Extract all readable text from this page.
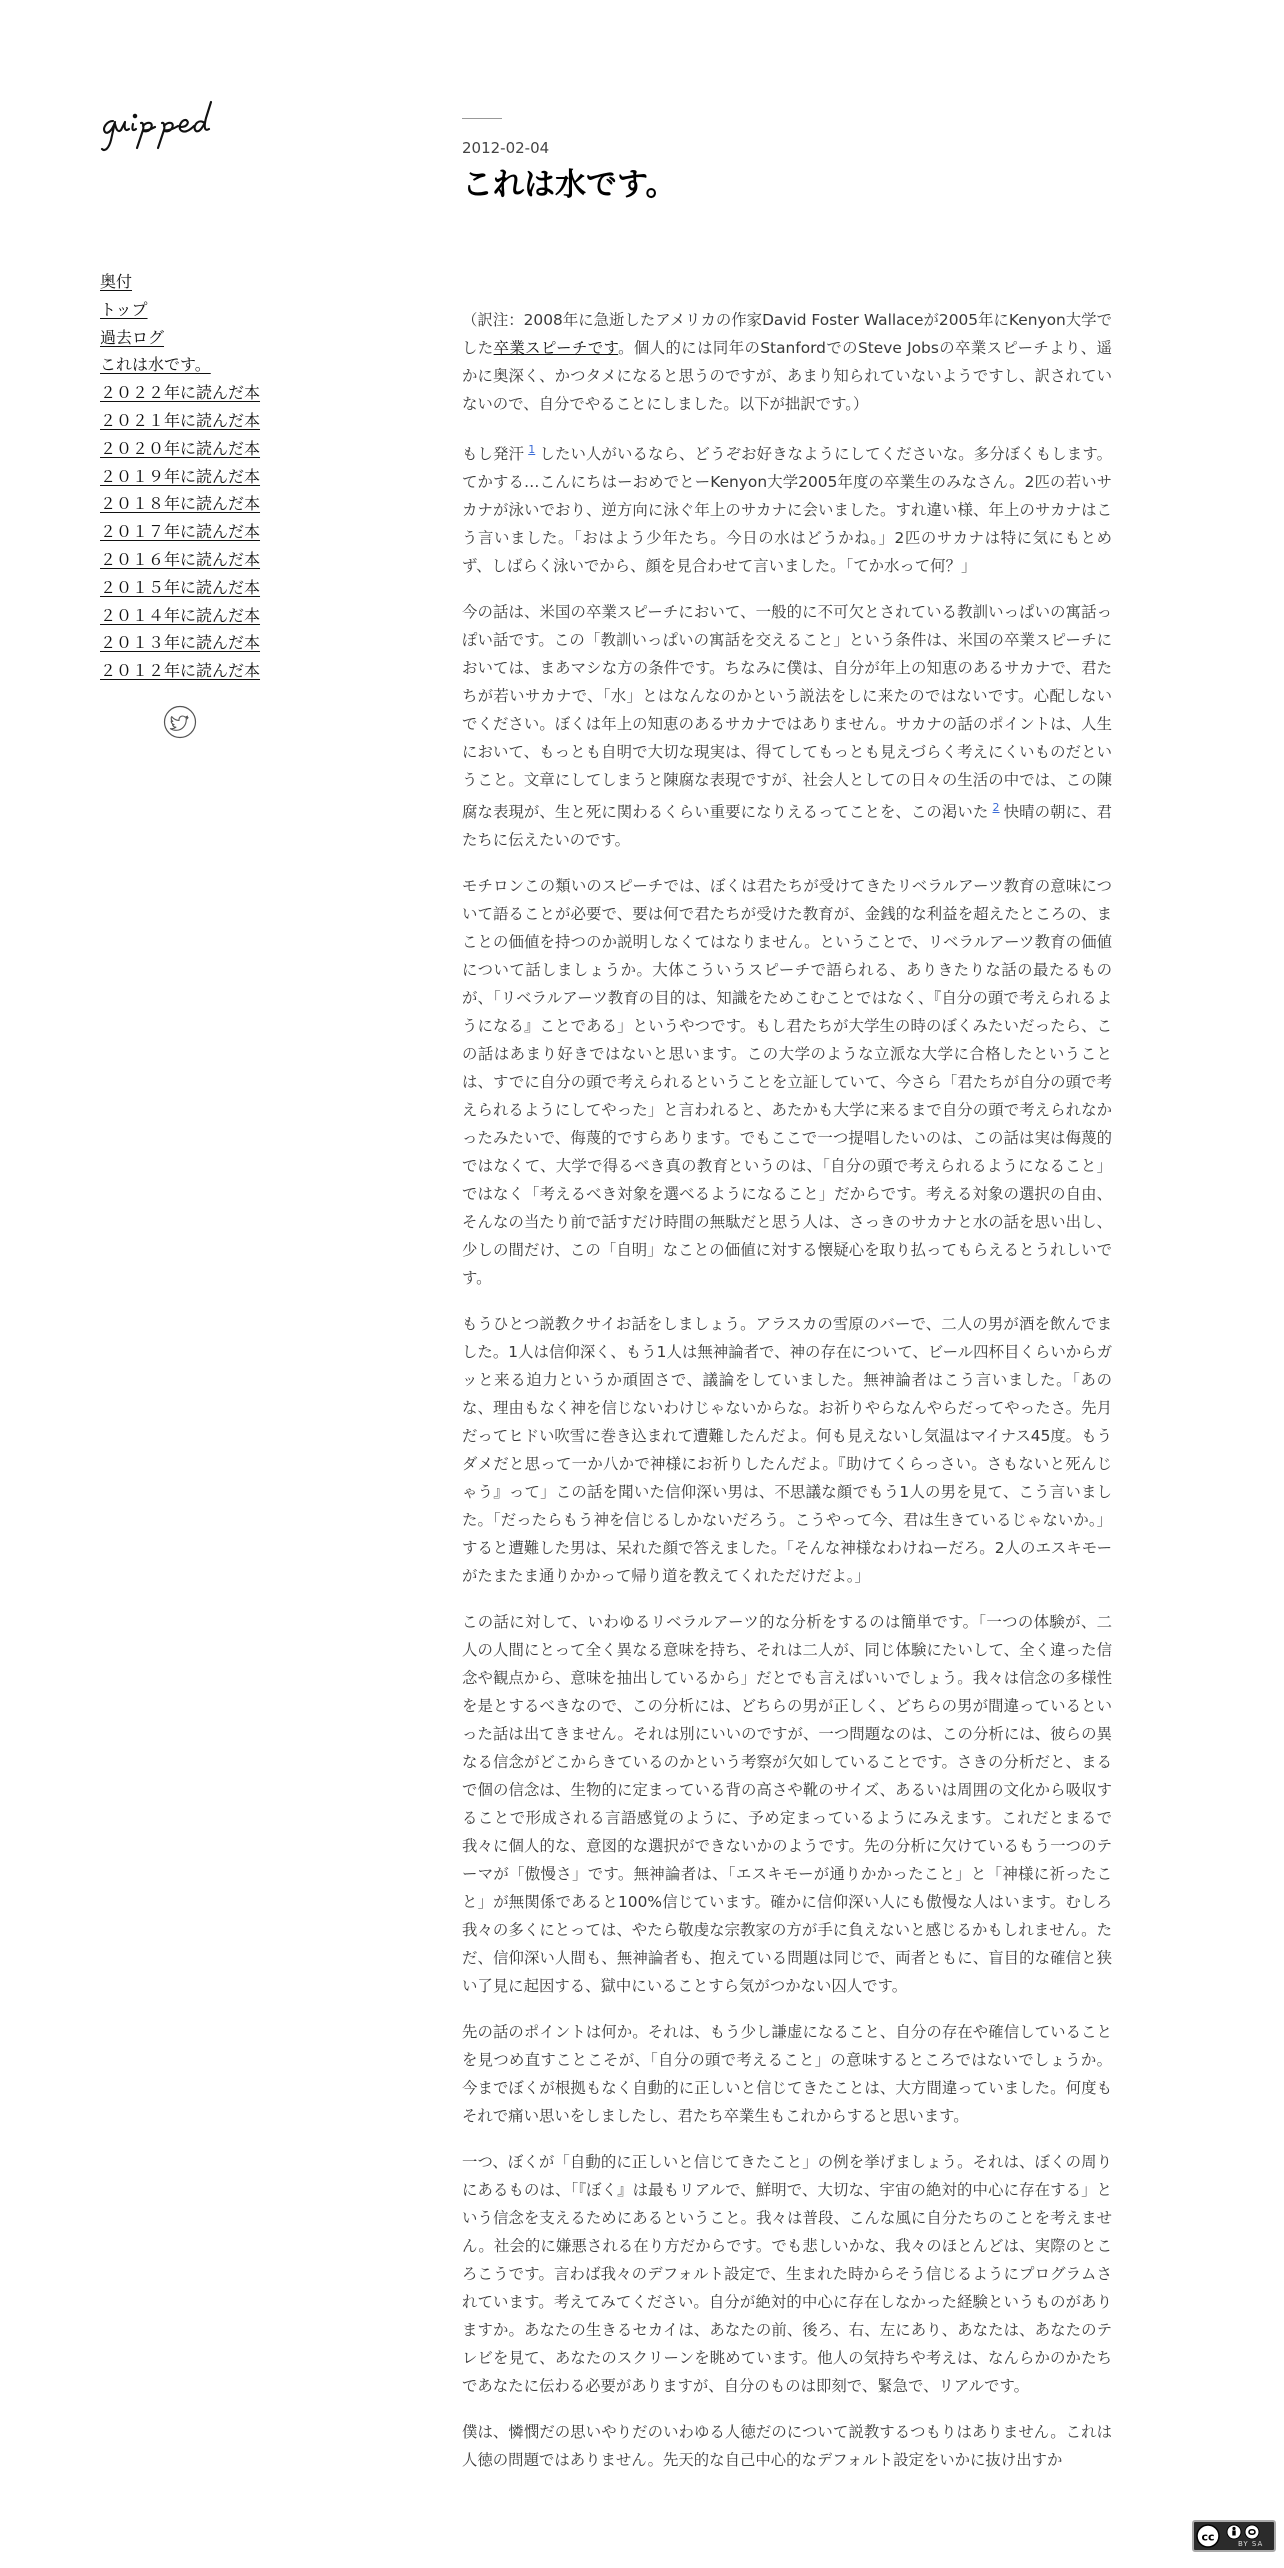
奥付
トップ
過去ログ
これは水です。
２０２２年に読んだ本
２０２１年に読んだ本
２０２０年に読んだ本
２０１９年に読んだ本
２０１８年に読んだ本
２０１７年に読んだ本
２０１６年に読んだ本
２０１５年に読んだ本
２０１４年に読んだ本
２０１３年に読んだ本
２０１２年に読んだ本
2012-02-04
これは水です。

（訳注：2008年に急逝したアメリカの作家David Foster Wallaceが2005年にKenyon大学でした卒業スピーチです。個人的には同年のStanfordでのSteve Jobsの卒業スピーチより、遥かに奥深く、かつタメになると思うのですが、あまり知られていないようですし、訳されていないので、自分でやることにしました。以下が拙訳です。）

もし発汗 $^1$ したい人がいるなら、どうぞお好きなようにしてくださいな。多分ぼくもします。てかする…こんにちはーおめでとーKenyon大学2005年度の卒業生のみなさん。2匹の若いサカナが泳いでおり、逆方向に泳ぐ年上のサカナに会いました。すれ違い様、年上のサカナはこう言いました。「おはよう少年たち。今日の水はどうかね。」2匹のサカナは特に気にもとめず、しばらく泳いでから、顔を見合わせて言いました。「てか水って何？」

今の話は、米国の卒業スピーチにおいて、一般的に不可欠とされている教訓いっぱいの寓話っぽい話です。この「教訓いっぱいの寓話を交えること」という条件は、米国の卒業スピーチにおいては、まあマシな方の条件です。ちなみに僕は、自分が年上の知恵のあるサカナで、君たちが若いサカナで、「水」とはなんなのかという説法をしに来たのではないです。心配しないでください。ぼくは年上の知恵のあるサカナではありません。サカナの話のポイントは、人生において、もっとも自明で大切な現実は、得てしてもっとも見えづらく考えにくいものだということ。文章にしてしまうと陳腐な表現ですが、社会人としての日々の生活の中では、この陳腐な表現が、生と死に関わるくらい重要になりえるってことを、この渇いた $^2$ 快晴の朝に、君たちに伝えたいのです。

モチロンこの類いのスピーチでは、ぼくは君たちが受けてきたリベラルアーツ教育の意味について語ることが必要で、要は何で君たちが受けた教育が、金銭的な利益を超えたところの、まことの価値を持つのか説明しなくてはなりません。ということで、リベラルアーツ教育の価値について話しましょうか。大体こういうスピーチで語られる、ありきたりな話の最たるものが、「リベラルアーツ教育の目的は、知識をためこむことではなく、『自分の頭で考えられるようになる』ことである」というやつです。もし君たちが大学生の時のぼくみたいだったら、この話はあまり好きではないと思います。この大学のような立派な大学に合格したということは、すでに自分の頭で考えられるということを立証していて、今さら「君たちが自分の頭で考えられるようにしてやった」と言われると、あたかも大学に来るまで自分の頭で考えられなかったみたいで、侮蔑的ですらあります。でもここで一つ提唱したいのは、この話は実は侮蔑的ではなくて、大学で得るべき真の教育というのは、「自分の頭で考えられるようになること」ではなく「考えるべき対象を選べるようになること」だからです。考える対象の選択の自由、そんなの当たり前で話すだけ時間の無駄だと思う人は、さっきのサカナと水の話を思い出し、少しの間だけ、この「自明」なことの価値に対する懐疑心を取り払ってもらえるとうれしいです。

もうひとつ説教クサイお話をしましょう。アラスカの雪原のバーで、二人の男が酒を飲んでました。1人は信仰深く、もう1人は無神論者で、神の存在について、ビール四杯目くらいからガッと来る迫力というか頑固さで、議論をしていました。無神論者はこう言いました。「あのな、理由もなく神を信じないわけじゃないからな。お祈りやらなんやらだってやったさ。先月だってヒドい吹雪に巻き込まれて遭難したんだよ。何も見えないし気温はマイナス45度。もうダメだと思って一か八かで神様にお祈りしたんだよ。『助けてくらっさい。さもないと死んじゃう』って」この話を聞いた信仰深い男は、不思議な顔でもう1人の男を見て、こう言いました。「だったらもう神を信じるしかないだろう。こうやって今、君は生きているじゃないか。」すると遭難した男は、呆れた顔で答えました。「そんな神様なわけねーだろ。2人のエスキモーがたまたま通りかかって帰り道を教えてくれただけだよ。」

この話に対して、いわゆるリベラルアーツ的な分析をするのは簡単です。「一つの体験が、二人の人間にとって全く異なる意味を持ち、それは二人が、同じ体験にたいして、全く違った信念や観点から、意味を抽出しているから」だとでも言えばいいでしょう。我々は信念の多様性を是とするべきなので、この分析には、どちらの男が正しく、どちらの男が間違っているといった話は出てきません。それは別にいいのですが、一つ問題なのは、この分析には、彼らの異なる信念がどこからきているのかという考察が欠如していることです。さきの分析だと、まるで個の信念は、生物的に定まっている背の高さや靴のサイズ、あるいは周囲の文化から吸収することで形成される言語感覚のように、予め定まっているようにみえます。これだとまるで我々に個人的な、意図的な選択ができないかのようです。先の分析に欠けているもう一つのテーマが「傲慢さ」です。無神論者は、「エスキモーが通りかかったこと」と「神様に祈ったこと」が無関係であると100%信じています。確かに信仰深い人にも傲慢な人はいます。むしろ我々の多くにとっては、やたら敬虔な宗教家の方が手に負えないと感じるかもしれません。ただ、信仰深い人間も、無神論者も、抱えている問題は同じで、両者ともに、盲目的な確信と狭い了見に起因する、獄中にいることすら気がつかない囚人です。

先の話のポイントは何か。それは、もう少し謙虚になること、自分の存在や確信していることを見つめ直すことこそが、「自分の頭で考えること」の意味するところではないでしょうか。今までぼくが根拠もなく自動的に正しいと信じてきたことは、大方間違っていました。何度もそれで痛い思いをしましたし、君たち卒業生もこれからすると思います。

一つ、ぼくが「自動的に正しいと信じてきたこと」の例を挙げましょう。それは、ぼくの周りにあるものは、「『ぼく』は最もリアルで、鮮明で、大切な、宇宙の絶対的中心に存在する」という信念を支えるためにあるということ。我々は普段、こんな風に自分たちのことを考えません。社会的に嫌悪される在り方だからです。でも悲しいかな、我々のほとんどは、実際のところこうです。言わば我々のデフォルト設定で、生まれた時からそう信じるようにプログラムされています。考えてみてください。自分が絶対的中心に存在しなかった経験というものがありますか。あなたの生きるセカイは、あなたの前、後ろ、右、左にあり、あなたは、あなたのテレビを見て、あなたのスクリーンを眺めています。他人の気持ちや考えは、なんらかのかたちであなたに伝わる必要がありますが、自分のものは即刻で、緊急で、リアルです。

僕は、憐憫だの思いやりだのいわゆる人徳だのについて説教するつもりはありません。これは人徳の問題ではありません。先天的な自己中心的なデフォルト設定をいかに抜け出すか

cc
BY SA
